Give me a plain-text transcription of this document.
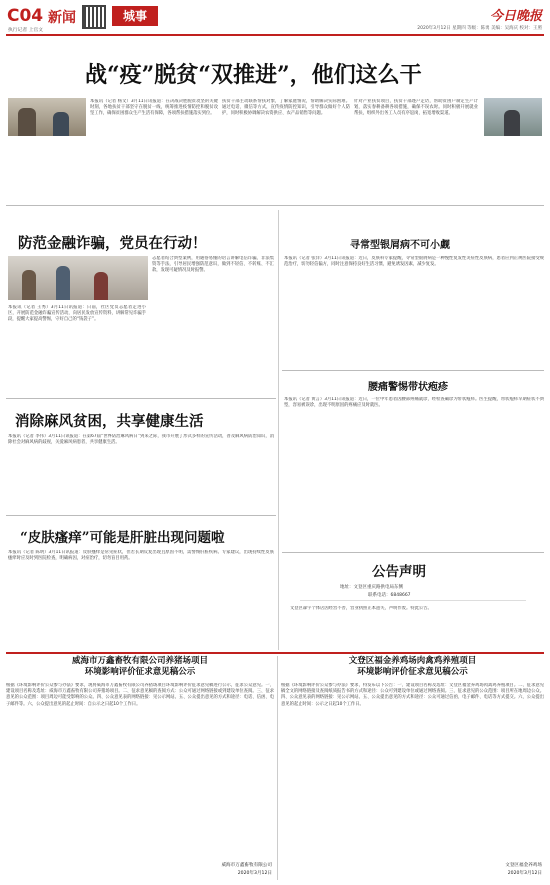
C04 新闻
执行记者 上官文
城事	今日晚报
2020年3月12日 星期四 等级：陈勇 美编：吴海庆 校对：王照
战“疫”脱贫“双推进”，他们这么干
本报讯（记者 杨文）3月11日讯报道：在决战决胜脱贫攻坚的关键时刻，各地扶贫干部坚守在脱贫一线，统筹推进疫情防控和脱贫攻坚工作，确保贫困群众生产生活有保障，各项帮扶措施落实到位。
扶贫干部主动联系帮扶对象，了解家庭情况，帮助解决实际困难。通过电话、微信等方式，宣传疫情防控知识，引导群众做好个人防护，同时积极协调解决农资供应、农产品销售等问题。
针对产业扶贫项目，扶贫干部逐户走访，帮助贫困户制定生产计划，落实春耕备耕各项措施，确保不误农时。同时积极开展就业帮扶，组织外出务工人员有序返岗，拓宽增收渠道。
防范金融诈骗，党员在行动！
本报讯（记者 王秀）3月11日讯报道：日前，社区党员志愿者走进小区，开展防范金融诈骗宣传活动，向居民发放宣传资料，讲解常见诈骗手段，提醒大家提高警惕，守好自己的“钱袋子”。
志愿者结合典型案例，用通俗易懂的语言讲解电信诈骗、非法集资等手法，引导居民增强防范意识，做到不轻信、不转账、不汇款，发现可疑情况及时报警。
寻常型银屑病不可小觑
本报讯（记者 张洋）3月11日讯报道：近日，皮肤科专家提醒，寻常型银屑病是一种慢性复发性炎症性皮肤病，患者应到正规医院接受规范治疗，切勿轻信偏方，同时注意保持良好生活习惯，避免诱发因素，减少复发。
消除麻风贫困，共享健康生活
本报讯（记者 李伟）3月11日讯报道：在第67届“世界防治麻风病日”到来之际，我市开展了形式多样的宣传活动，普及麻风病防治知识，消除社会对麻风病的歧视，关爱麻风病患者，共享健康生活。
腰痛警惕带状疱疹
本报讯（记者 黄言）3月11日讯报道：近日，一位中年患者因腰部疼痛就诊，经检查确诊为带状疱疹。医生提醒，带状疱疹早期症状不典型，容易被误诊，出现不明原因的疼痛应及时就医。
“皮肤瘙痒”可能是肝脏出现问题啦
本报讯（记者 陈明）3月11日讯报道：皮肤瘙痒是常见症状，但若长期反复出现且原因不明，需警惕肝脏疾病。专家建议，出现持续性皮肤瘙痒时应及时到医院检查，明确病因，对症治疗，切勿盲目用药。
公告声明
地址：文登区重庆路供电局东侧
联系电话：6848667
文登区森宇个体店因经营不善，营业执照正本遗失，声明作废。特此公告。
威海市万鑫畜牧有限公司养猪场项目
环境影响评价征求意见稿公示
根据《环境影响评价公众参与办法》要求，现将威海市万鑫畜牧有限公司养猪场项目环境影响评价征求意见稿进行公示，征求公众意见。一、建设项目名称及选址：威海市万鑫畜牧有限公司养猪场项目。二、征求意见稿的查阅方式：公众可通过网络链接或到建设单位查阅。三、征求意见的公众范围：项目周边可能受影响的公众。四、公众意见表的网络链接：见公示网站。五、公众提出意见的方式和途径：电话、信函、电子邮件等。六、公众提出意见的起止时间：自公示之日起10个工作日。
威海市万鑫畜牧有限公司
2020年3月12日
文登区福金养鸡场肉禽鸡养殖项目
环境影响评价征求意见稿公示
根据《环境影响评价公众参与办法》要求，特发布以下公告：一、建设项目名称及选址：文登区福金养鸡场肉禽鸡养殖项目。二、征求意见稿全文的网络链接及查阅纸质报告书的方式和途径：公众可到建设单位或通过网络查阅。三、征求意见的公众范围：项目所在地周边公众。四、公众意见表的网络链接：见公示网站。五、公众提出意见的方式和途径：公众可通过信函、电子邮件、电话等方式提交。六、公众提出意见的起止时间：公示之日起10个工作日。
文登区福金养鸡场
2020年3月12日
